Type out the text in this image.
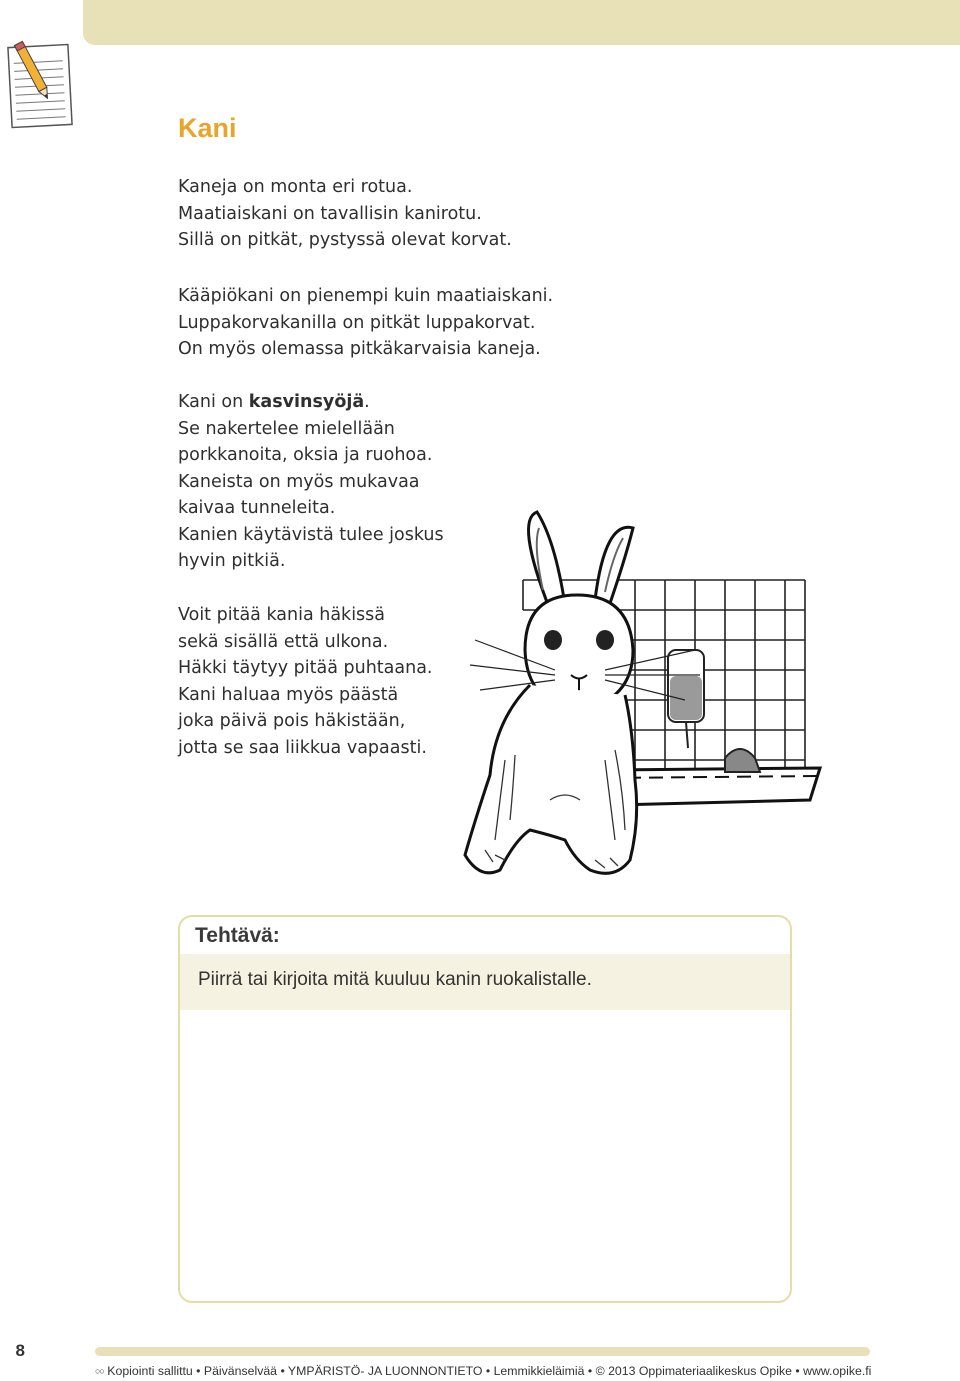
Kani
Kaneja on monta eri rotua.
Maatiaiskani on tavallisin kanirotu.
Sillä on pitkät, pystyssä olevat korvat.
Kääpiökani on pienempi kuin maatiaiskani.
Luppakorvakanilla on pitkät luppakorvat.
On myös olemassa pitkäkarvaisia kaneja.
Kani on kasvinsyöjä.
Se nakertelee mielellään
porkkanoita, oksia ja ruohoa.
Kaneista on myös mukavaa
kaivaa tunneleita.
Kanien käytävistä tulee joskus
hyvin pitkiä.
Voit pitää kania häkissä
sekä sisällä että ulkona.
Häkki täytyy pitää puhtaana.
Kani haluaa myös päästä
joka päivä pois häkistään,
jotta se saa liikkua vapaasti.
Tehtävä:
Piirrä tai kirjoita mitä kuuluu kanin ruokalistalle.
8
○○ Kopiointi sallittu • Päivänselvää • YMPÄRISTÖ- JA LUONNONTIETO • Lemmikkieläimiä • © 2013 Oppimateriaalikeskus Opike • www.opike.fi
